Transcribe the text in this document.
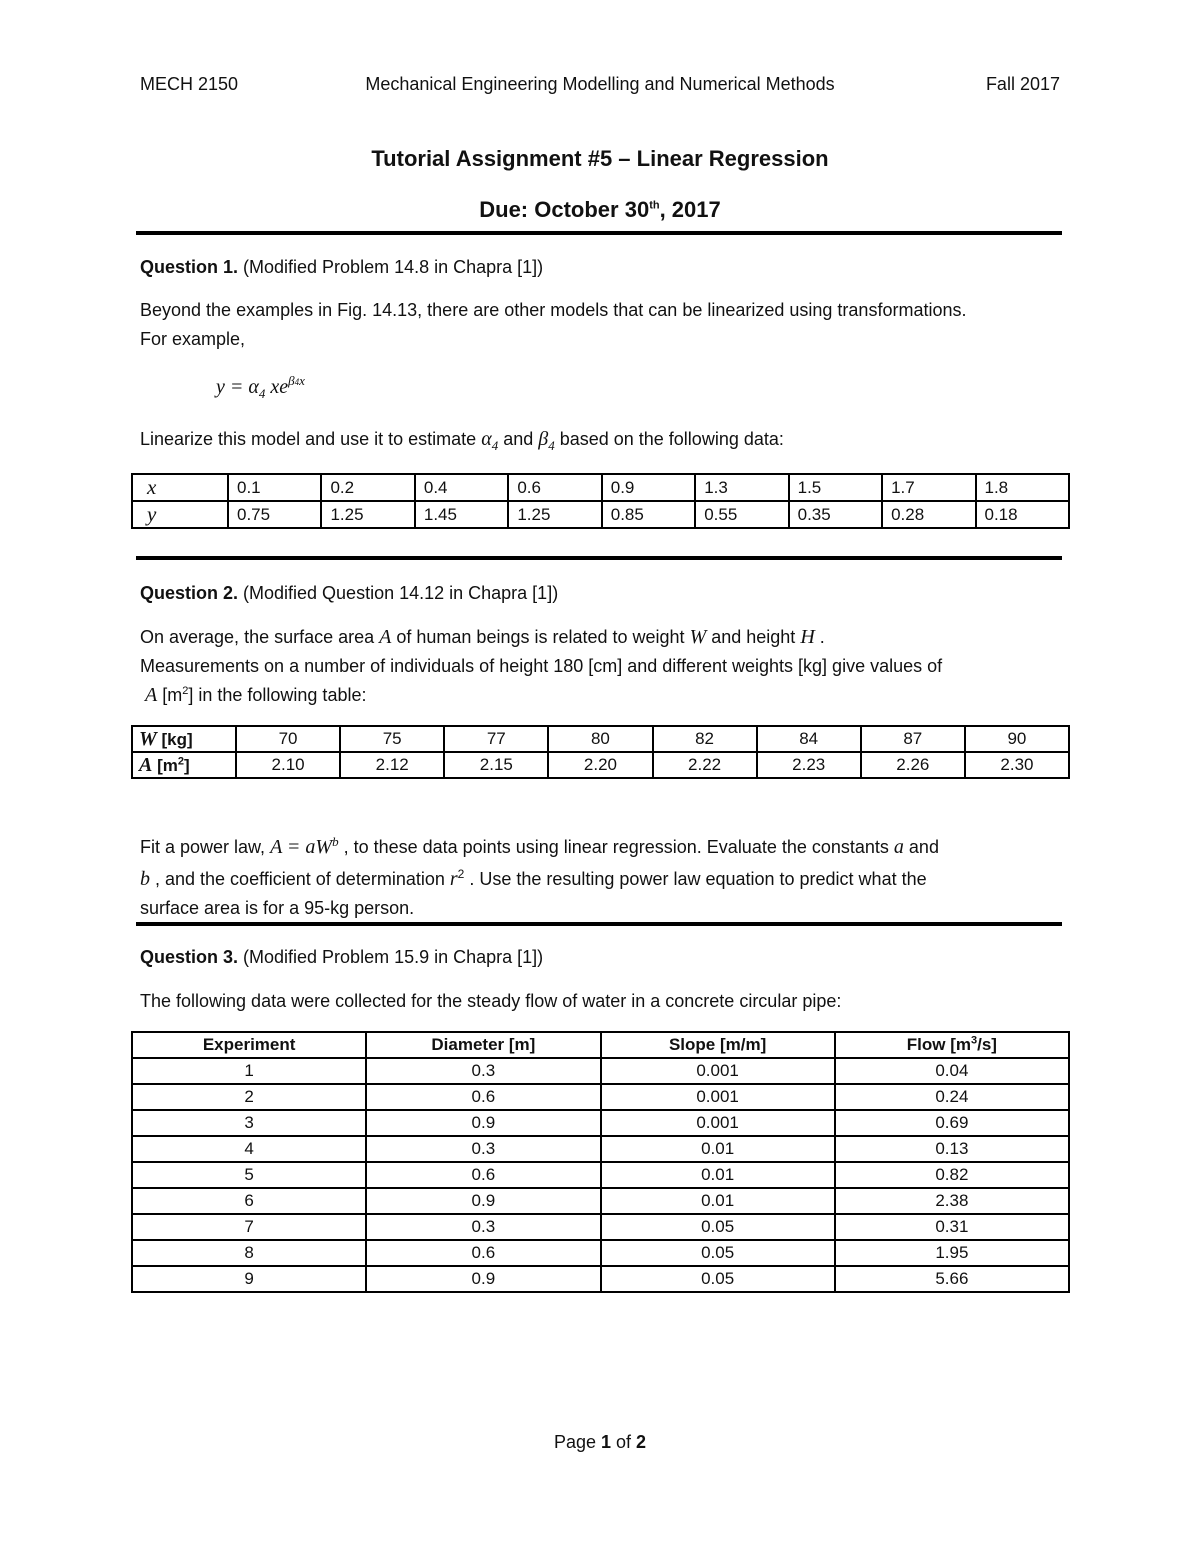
MECH 2150	Mechanical Engineering Modelling and Numerical Methods	Fall 2017
Tutorial Assignment #5 – Linear Regression
Due: October 30th, 2017
Question 1. (Modified Problem 14.8 in Chapra [1])
Beyond the examples in Fig. 14.13, there are other models that can be linearized using transformations.
For example,
$y = \alpha_4$ $xe^{\beta 4x}$
Linearize this model and use it to estimate $\alpha_4$ and $\beta_4$ based on the following data:
x	0.1	0.2	0.4	0.6	0.9	1.3	1.5	1.7	1.8
y	0.75	1.25	1.45	1.25	0.85	0.55	0.35	0.28	0.18
Question 2. (Modified Question 14.12 in Chapra [1])
On average, the surface area A of human beings is related to weight W and height H .
Measurements on a number of individuals of height 180 [cm] and different weights [kg] give values of
A $[m^2]$ in the following table:
W [kg]	70	75	77	80	82	84	87	90
A $[m^2]$	2.10	2.12	2.15	2.20	2.22	2.23	2.26	2.30
Fit a power law, $A = aW^b$ , to these data points using linear regression. Evaluate the constants a and
b , and the coefficient of determination $r^2$ . Use the resulting power law equation to predict what the
surface area is for a 95-kg person.
Question 3. (Modified Problem 15.9 in Chapra [1])
The following data were collected for the steady flow of water in a concrete circular pipe:
Experiment	Diameter [m]	Slope [m/m]	Flow $[m^3/s]$
1	0.3	0.001	0.04
2	0.6	0.001	0.24
3	0.9	0.001	0.69
4	0.3	0.01	0.13
5	0.6	0.01	0.82
6	0.9	0.01	2.38
7	0.3	0.05	0.31
8	0.6	0.05	1.95
9	0.9	0.05	5.66
Page 1 of 2
